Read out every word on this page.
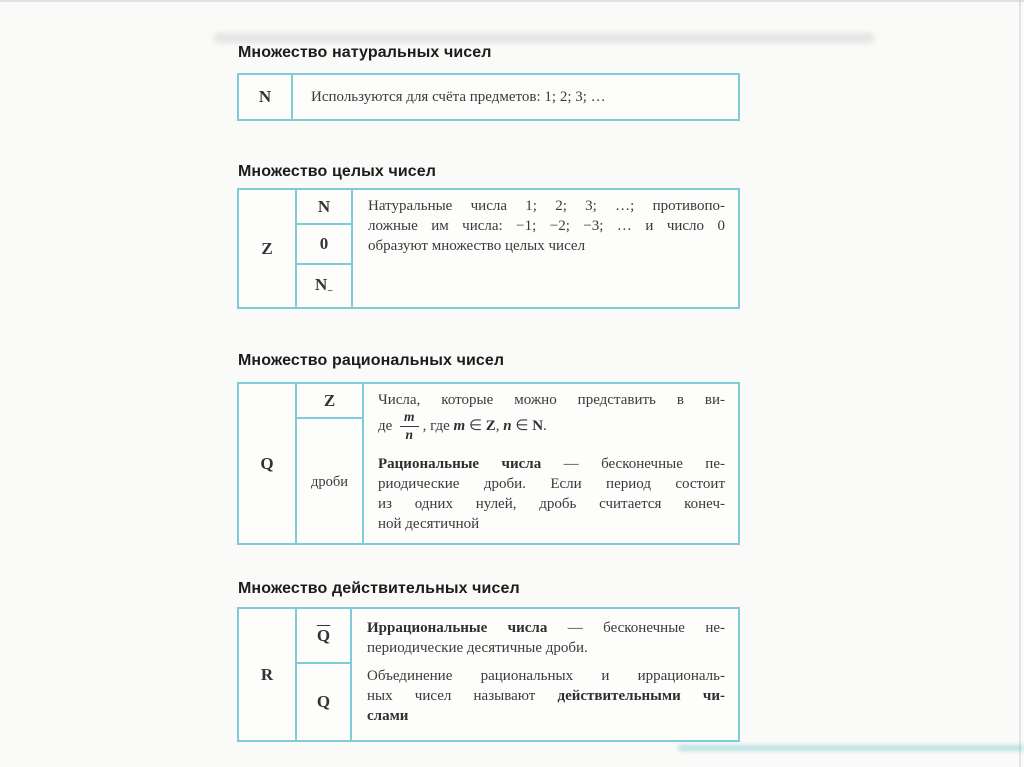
Множество натуральных чисел
N	Используются для счёта предметов: 1; 2; 3; …
Множество целых чисел
Z
N
0
$N_-$
Натуральные числа 1; 2; 3; …; противопо-
ложные им числа: −1; −2; −3; … и число 0
образуют множество целых чисел
Множество рациональных чисел
Q
Z
дроби
Числа, которые можно представить в ви-
де $\frac{m}{n}$ , где m ∈ Z, n ∈ N.
Рациональные числа — бесконечные пе-
риодические дроби. Если период состоит
из одних нулей, дробь считается конеч-
ной десятичной
Множество действительных чисел
R
$\overline{Q}$
Q
Иррациональные числа — бесконечные не-
периодические десятичные дроби.
Объединение рациональных и иррациональ-
ных чисел называют действительными чи-
слами
